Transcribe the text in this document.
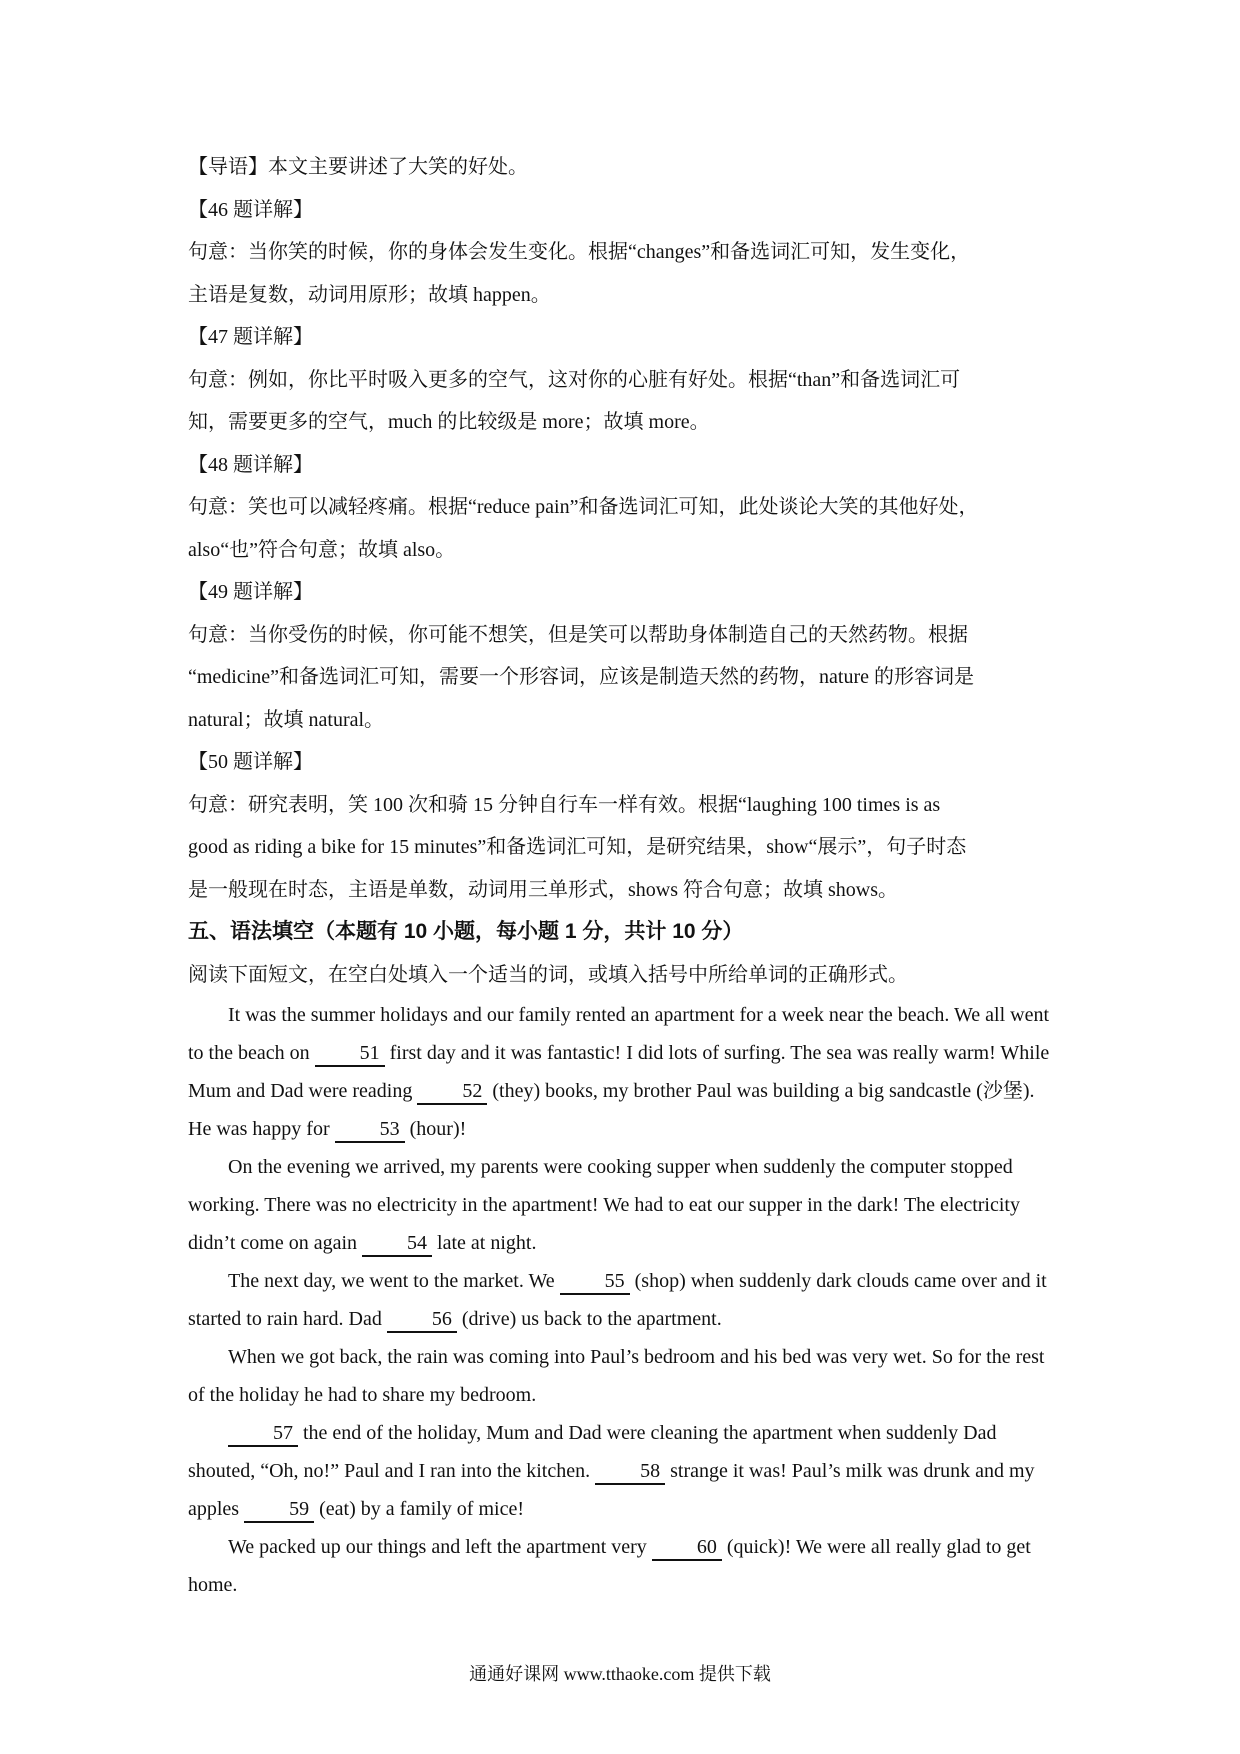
【导语】本文主要讲述了大笑的好处。

【46 题详解】

句意：当你笑的时候，你的身体会发生变化。根据“changes”和备选词汇可知，发生变化，

主语是复数，动词用原形；故填 happen。

【47 题详解】

句意：例如，你比平时吸入更多的空气，这对你的心脏有好处。根据“than”和备选词汇可

知，需要更多的空气，much 的比较级是 more；故填 more。

【48 题详解】

句意：笑也可以减轻疼痛。根据“reduce pain”和备选词汇可知，此处谈论大笑的其他好处，

also“也”符合句意；故填 also。

【49 题详解】

句意：当你受伤的时候，你可能不想笑，但是笑可以帮助身体制造自己的天然药物。根据

“medicine”和备选词汇可知，需要一个形容词，应该是制造天然的药物，nature 的形容词是

natural；故填 natural。

【50 题详解】

句意：研究表明，笑 100 次和骑 15 分钟自行车一样有效。根据“laughing 100 times is as

good as riding a bike for 15 minutes”和备选词汇可知，是研究结果，show“展示”，句子时态

是一般现在时态，主语是单数，动词用三单形式，shows 符合句意；故填 shows。

五、语法填空（本题有 10 小题，每小题 1 分，共计 10 分）

阅读下面短文，在空白处填入一个适当的词，或填入括号中所给单词的正确形式。

It was the summer holidays and our family rented an apartment for a week near the beach. We all went to the beach on 51 first day and it was fantastic! I did lots of surfing. The sea was really warm! While Mum and Dad were reading 52 (they) books, my brother Paul was building a big sandcastle (沙堡). He was happy for 53 (hour)!

On the evening we arrived, my parents were cooking supper when suddenly the computer stopped working. There was no electricity in the apartment! We had to eat our supper in the dark! The electricity didn’t come on again 54 late at night.

The next day, we went to the market. We 55 (shop) when suddenly dark clouds came over and it started to rain hard. Dad 56 (drive) us back to the apartment.

When we got back, the rain was coming into Paul’s bedroom and his bed was very wet. So for the rest of the holiday he had to share my bedroom.

57 the end of the holiday, Mum and Dad were cleaning the apartment when suddenly Dad shouted, “Oh, no!” Paul and I ran into the kitchen. 58 strange it was! Paul’s milk was drunk and my apples 59 (eat) by a family of mice!

We packed up our things and left the apartment very 60 (quick)! We were all really glad to get home.

通通好课网 www.tthaoke.com 提供下载
